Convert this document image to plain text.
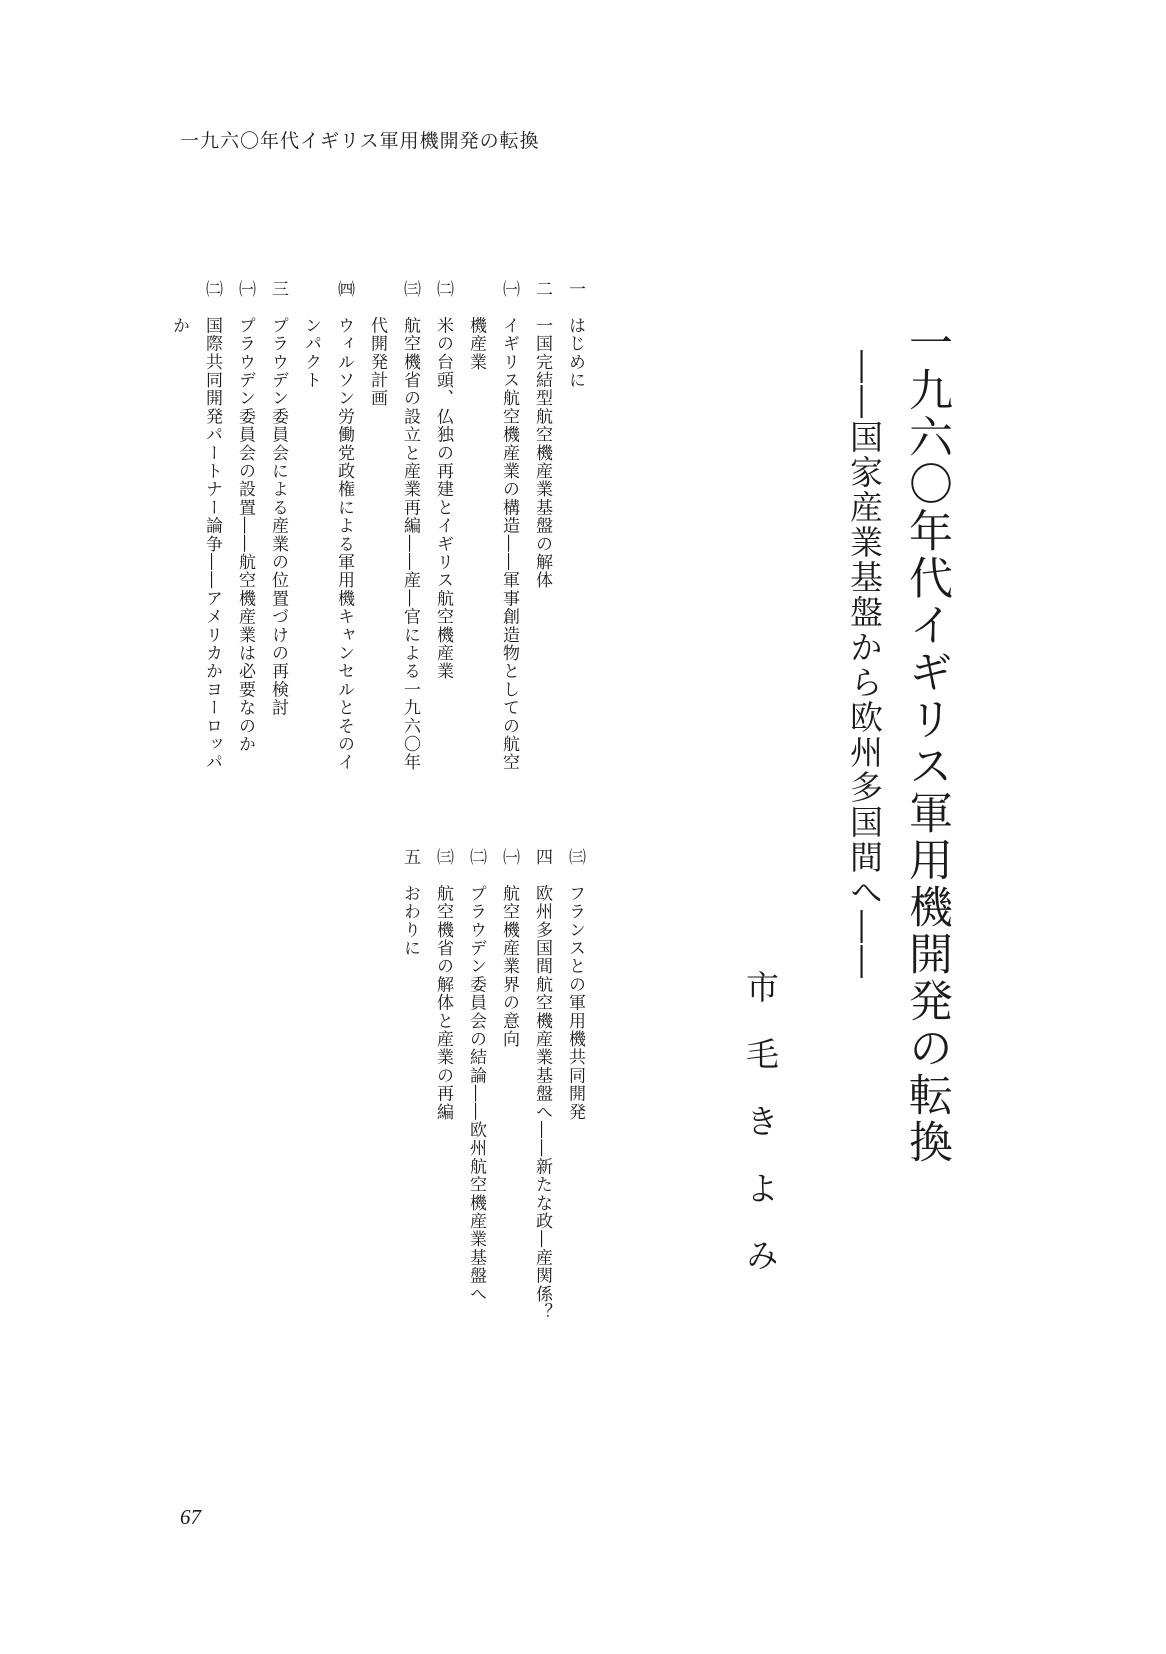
一九六〇年代イギリス軍用機開発の転換
一九六〇年代イギリス軍用機開発の転換
――国家産業基盤から欧州多国間へ――
市毛きよみ
一　はじめに
二　一国完結型航空機産業基盤の解体
㈠　イギリス航空機産業の構造――軍事創造物としての航空
　　機産業
㈡　米の台頭、仏独の再建とイギリス航空機産業
㈢　航空機省の設立と産業再編――産―官による一九六〇年
　　代開発計画
㈣　ウィルソン労働党政権による軍用機キャンセルとそのイ
　　ンパクト
三　プラウデン委員会による産業の位置づけの再検討
㈠　プラウデン委員会の設置――航空機産業は必要なのか
㈡　国際共同開発パートナー論争――アメリカかヨーロッパ
　　か
㈢　フランスとの軍用機共同開発
四　欧州多国間航空機産業基盤へ――新たな政―産関係？
㈠　航空機産業界の意向
㈡　プラウデン委員会の結論――欧州航空機産業基盤へ
㈢　航空機省の解体と産業の再編
五　おわりに
67
